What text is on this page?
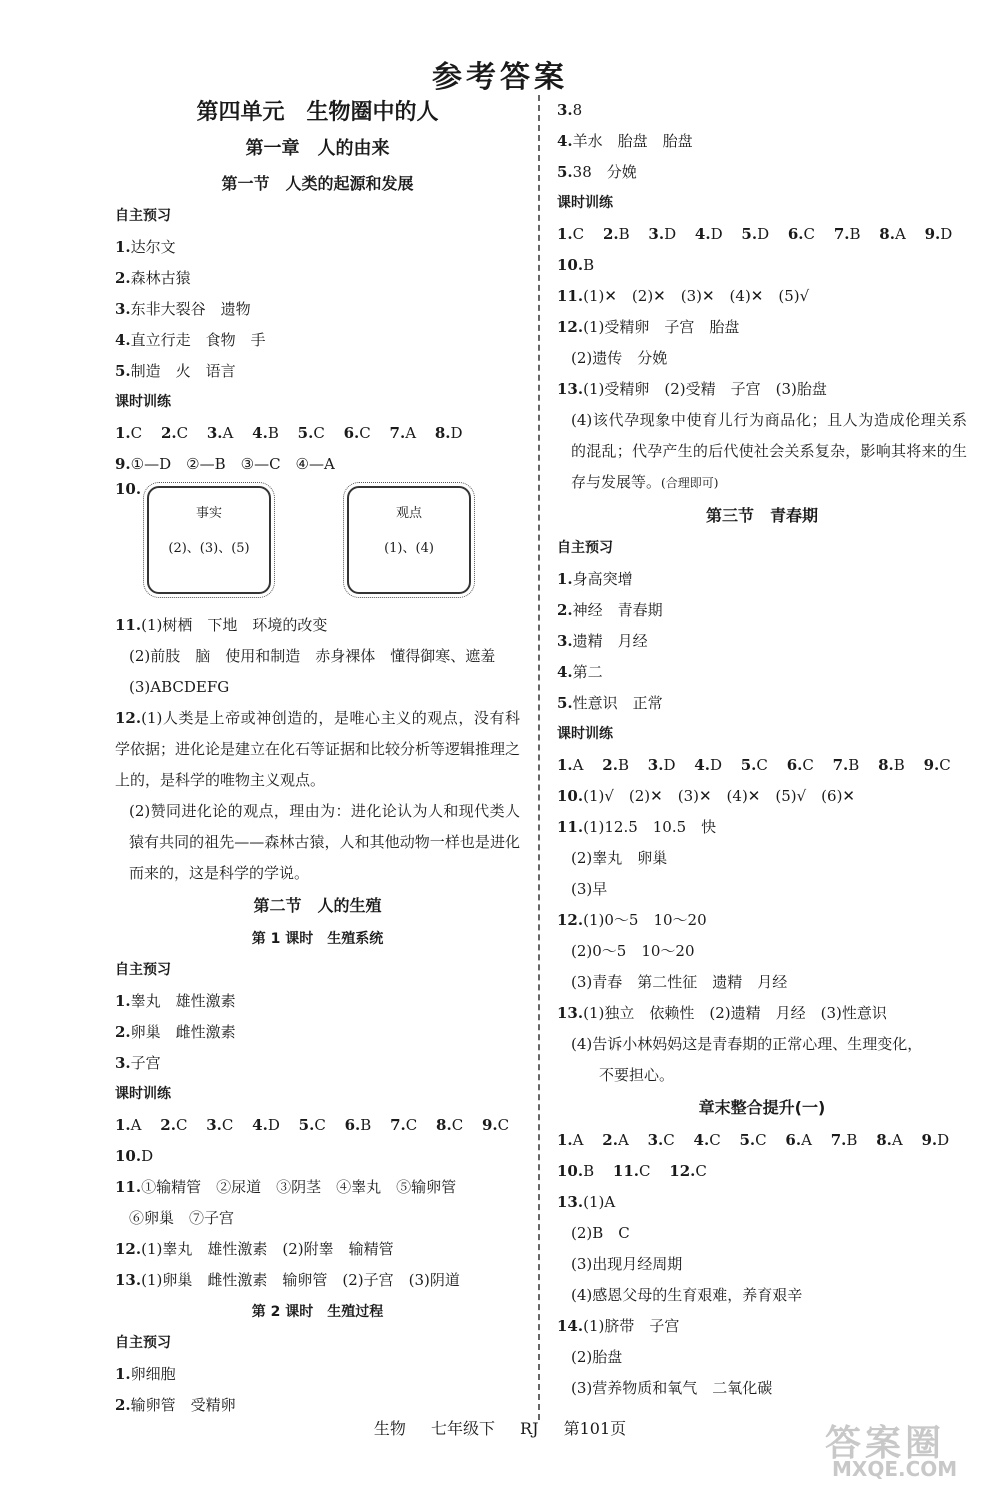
参考答案
第四单元　生物圈中的人
第一章　人的由来
第一节　人类的起源和发展
自主预习
1.达尔文
2.森林古猿
3.东非大裂谷　遗物
4.直立行走　食物　手
5.制造　火　语言
课时训练
1.C 2.C 3.A 4.B 5.C 6.C 7.A 8.D
9.①—D　②—B　③—C　④—A
10.
事实
(2)、(3)、(5)
观点
(1)、(4)
11.(1)树栖　下地　环境的改变
(2)前肢　脑　使用和制造　赤身裸体　懂得御寒、遮羞
(3)ABCDEFG
12.(1)人类是上帝或神创造的，是唯心主义的观点，没有科学依据；进化论是建立在化石等证据和比较分析等逻辑推理之上的，是科学的唯物主义观点。
(2)赞同进化论的观点，理由为：进化论认为人和现代类人猿有共同的祖先——森林古猿，人和其他动物一样也是进化而来的，这是科学的学说。
第二节　人的生殖
第 1 课时　生殖系统
自主预习
1.睾丸　雄性激素
2.卵巢　雌性激素
3.子宫
课时训练
1.A 2.C 3.C 4.D 5.C 6.B 7.C 8.C 9.C
10.D
11.①输精管　②尿道　③阴茎　④睾丸　⑤输卵管
⑥卵巢　⑦子宫
12.(1)睾丸　雄性激素　(2)附睾　输精管
13.(1)卵巢　雌性激素　输卵管　(2)子宫　(3)阴道
第 2 课时　生殖过程
自主预习
1.卵细胞
2.输卵管　受精卵
3.8
4.羊水　胎盘　胎盘
5.38　分娩
课时训练
1.C 2.B 3.D 4.D 5.D 6.C 7.B 8.A 9.D
10.B
11.(1)✕　(2)✕　(3)✕　(4)✕　(5)√
12.(1)受精卵　子宫　胎盘
(2)遗传　分娩
13.(1)受精卵　(2)受精　子宫　(3)胎盘
(4)该代孕现象中使育儿行为商品化；且人为造成伦理关系的混乱；代孕产生的后代使社会关系复杂，影响其将来的生存与发展等。(合理即可)
第三节　青春期
自主预习
1.身高突增
2.神经　青春期
3.遗精　月经
4.第二
5.性意识　正常
课时训练
1.A 2.B 3.D 4.D 5.C 6.C 7.B 8.B 9.C
10.(1)√　(2)✕　(3)✕　(4)✕　(5)√　(6)✕
11.(1)12.5　10.5　快
(2)睾丸　卵巢
(3)早
12.(1)0～5　10～20
(2)0～5　10～20
(3)青春　第二性征　遗精　月经
13.(1)独立　依赖性　(2)遗精　月经　(3)性意识
(4)告诉小林妈妈这是青春期的正常心理、生理变化，
不要担心。
章末整合提升(一)
1.A 2.A 3.C 4.C 5.C 6.A 7.B 8.A 9.D
10.B 11.C 12.C
13.(1)A
(2)B　C
(3)出现月经周期
(4)感恩父母的生育艰难，养育艰辛
14.(1)脐带　子宫
(2)胎盘
(3)营养物质和氧气　二氧化碳
生物 七年级下 RJ 第101页	答案圈
MXQE.COM
